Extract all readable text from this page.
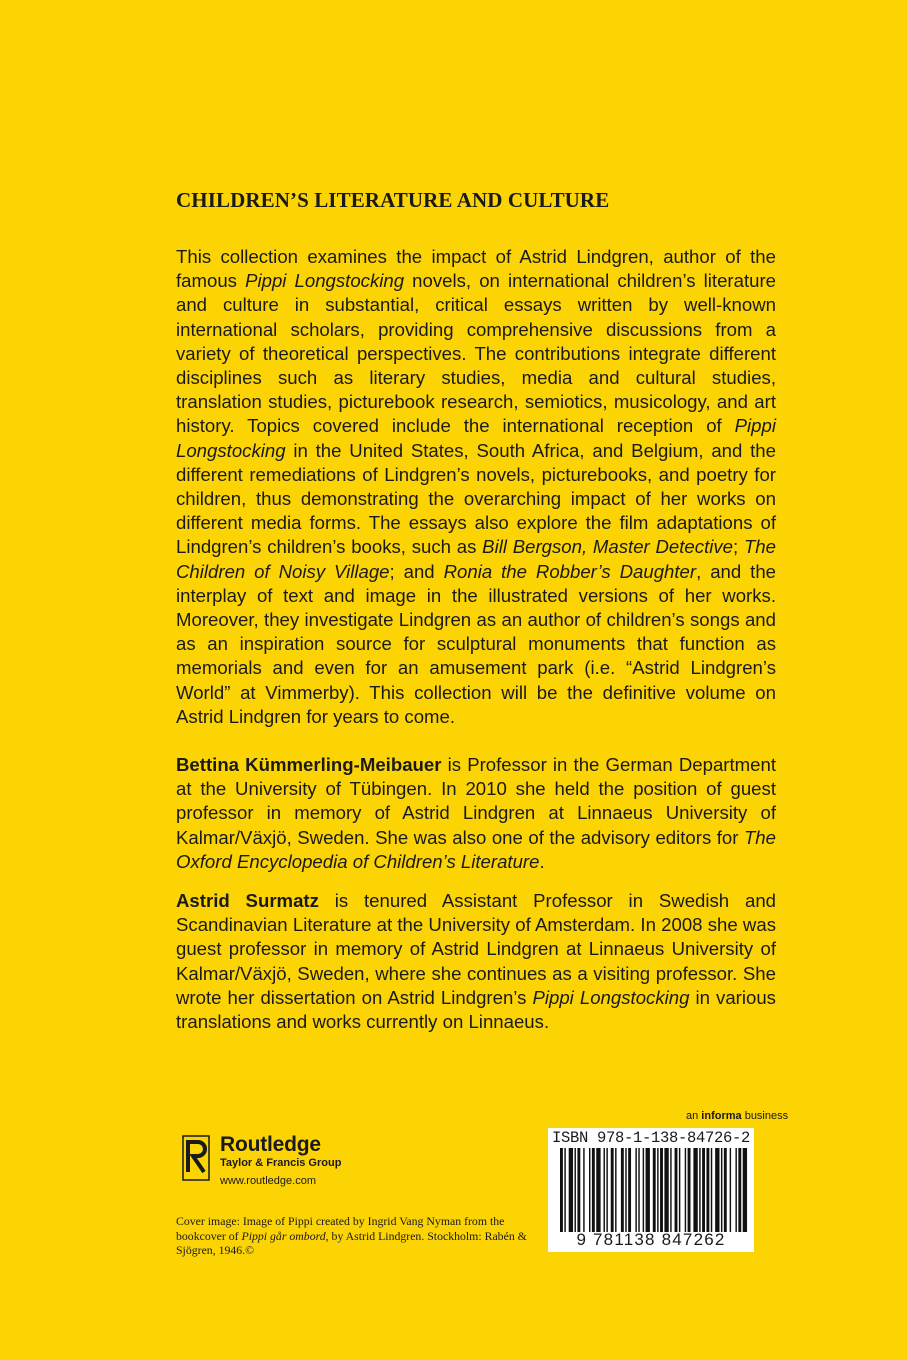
CHILDREN’S LITERATURE AND CULTURE

This collection examines the impact of Astrid Lindgren, author of the famous Pippi Longstocking novels, on international children’s literature and culture in substantial, critical essays written by well-known international scholars, providing comprehensive discussions from a variety of theoretical perspectives. The contributions integrate different disciplines such as literary studies, media and cultural studies, translation studies, picturebook research, semiotics, musicology, and art history. Topics covered include the international reception of Pippi Longstocking in the United States, South Africa, and Belgium, and the different remediations of Lindgren’s novels, picturebooks, and poetry for children, thus demonstrating the overarching impact of her works on different media forms. The essays also explore the film adaptations of Lindgren’s children’s books, such as Bill Bergson, Master Detective; The Children of Noisy Village; and Ronia the Robber’s Daughter, and the interplay of text and image in the illustrated versions of her works. Moreover, they investigate Lindgren as an author of children’s songs and as an inspiration source for sculptural monuments that function as memorials and even for an amusement park (i.e. “Astrid Lindgren’s World” at Vimmerby). This collection will be the definitive volume on Astrid Lindgren for years to come.

Bettina Kümmerling-Meibauer is Professor in the German Department at the University of Tübingen. In 2010 she held the position of guest professor in memory of Astrid Lindgren at Linnaeus University of Kalmar/Växjö, Sweden. She was also one of the advisory editors for The Oxford Encyclopedia of Children’s Literature.

Astrid Surmatz is tenured Assistant Professor in Swedish and Scandinavian Literature at the University of Amsterdam. In 2008 she was guest professor in memory of Astrid Lindgren at Linnaeus University of Kalmar/Växjö, Sweden, where she continues as a visiting professor. She wrote her dissertation on Astrid Lindgren’s Pippi Longstocking in various translations and works currently on Linnaeus.

Routledge
Taylor & Francis Group
www.routledge.com
Cover image: Image of Pippi created by Ingrid Vang Nyman from the bookcover of Pippi går ombord, by Astrid Lindgren. Stockholm: Rabén & Sjögren, 1946.©
an informa business
ISBN 978-1-138-84726-2
9 781138 847262
